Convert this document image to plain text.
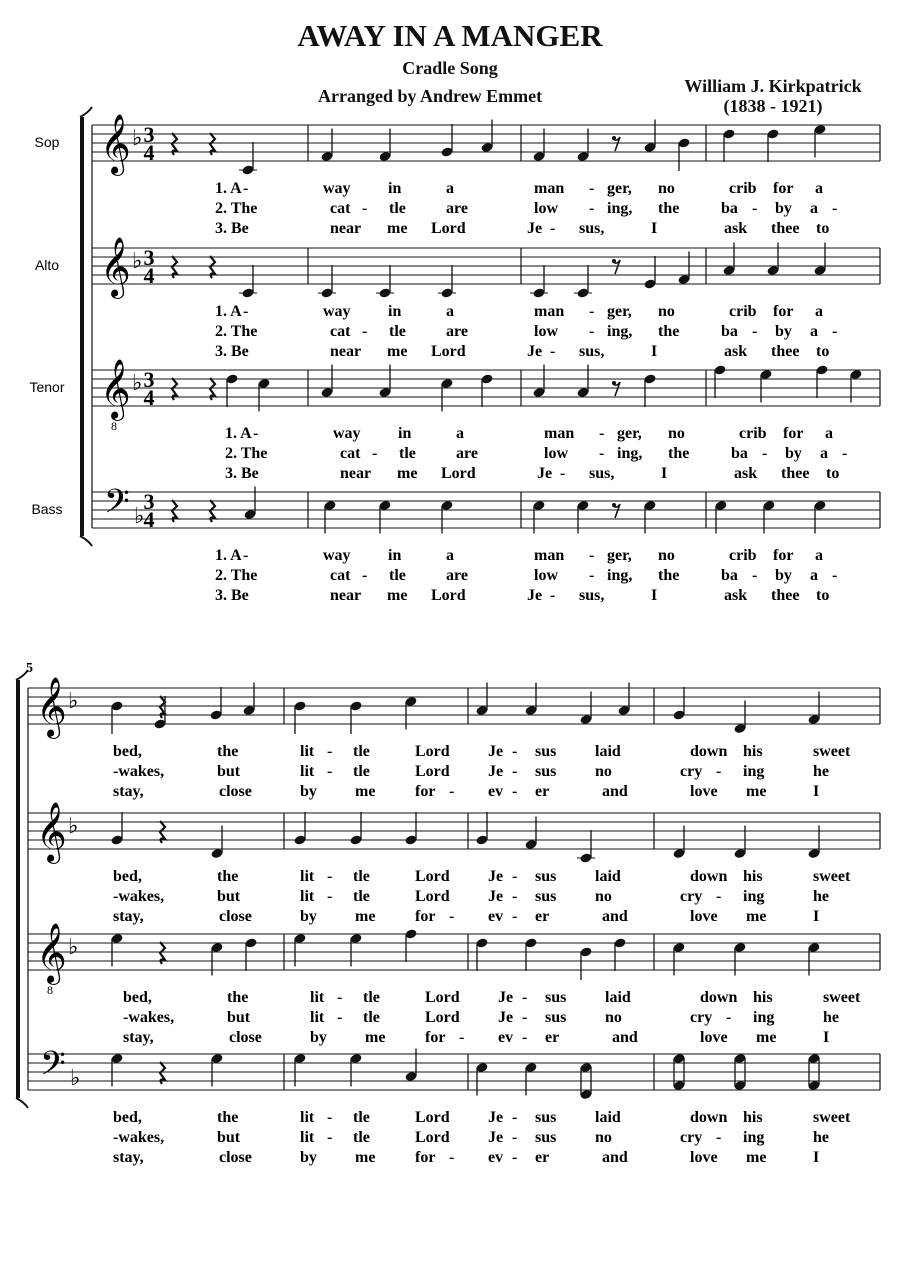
AWAY IN A MANGER
Cradle Song
Arranged by Andrew Emmet	William J. Kirkpatrick
(1838 - 1921)
Sop 𝄞 ♭ 3
4
1. A -	way in	a	man - ger, no	crib for a
2. The	cat - tle	are	low - ing, the	ba - by a -
3. Be	near me Lord	Je - sus,	I	ask thee to
Alto 𝄞 ♭ 3
4
1. A -	way in	a	man - ger, no	crib for a
2. The	cat - tle	are	low - ing, the	ba - by a -
3. Be	near me Lord	Je - sus,	I	ask thee to
Tenor 𝄞 ♭
8
3
4
1. A -	way in	a	man - ger, no	crib for a
2. The	cat - tle	are	low - ing, the	ba - by a -
3. Be	near me Lord	Je - sus,	I	ask thee to
Bass 𝄢 ♭
3
4
1. A -	way in	a	man - ger, no	crib for a
2. The	cat - tle	are	low - ing, the	ba - by a -
3. Be	near me Lord	Je - sus,	I	ask thee to
𝄞 ♭
bed,	the	lit - tle	Lord Je - sus laid	down his	sweet
-wakes,	but	lit - tle	Lord Je - sus no	cry - ing	he
stay,	close	by me for - ev - er	and	love me	I
𝄞 ♭
bed,	the	lit - tle	Lord Je - sus laid	down his	sweet
-wakes,	but	lit - tle	Lord Je - sus no	cry - ing	he
stay,	close	by me for - ev - er	and	love me	I
𝄞 ♭
8	bed,	the	lit - tle	Lord Je - sus laid	down his	sweet
-wakes,	but	lit - tle	Lord Je - sus no	cry - ing	he
stay,	close	by me for - ev - er	and	love me	I
𝄢 ♭
bed,	the	lit - tle	Lord Je - sus laid	down his	sweet
-wakes,	but	lit - tle	Lord Je - sus no	cry - ing	he
stay,	close	by me for - ev - er	and	love me	I
5
